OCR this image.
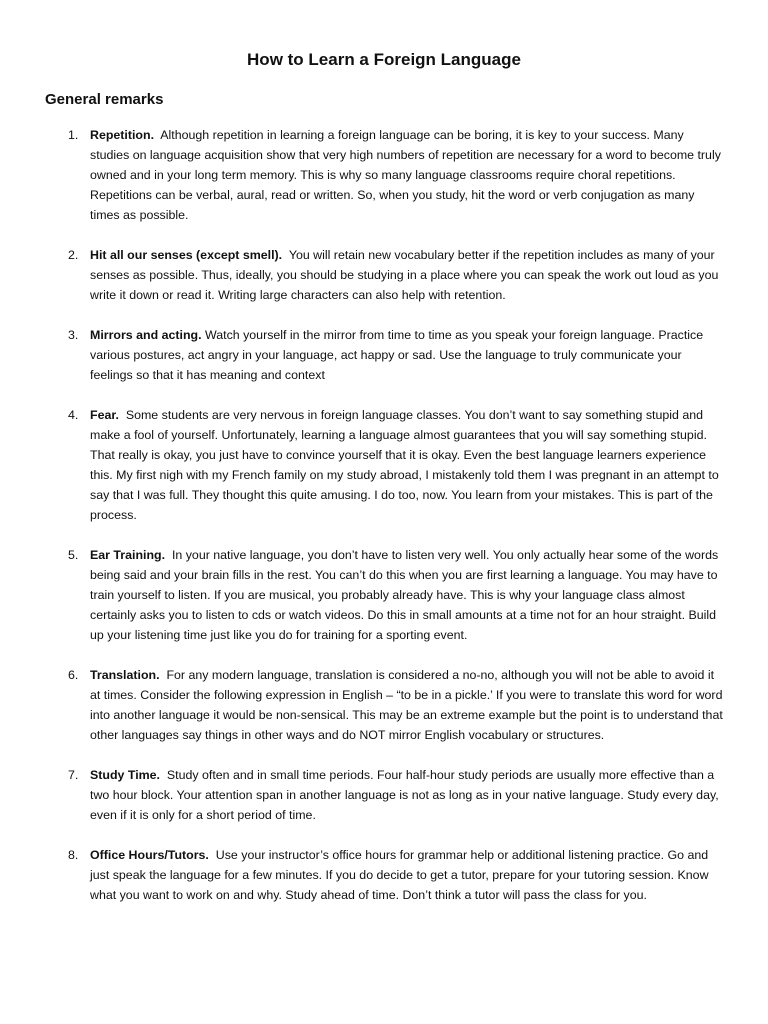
How to Learn a Foreign Language
General remarks
1. Repetition. Although repetition in learning a foreign language can be boring, it is key to your success. Many studies on language acquisition show that very high numbers of repetition are necessary for a word to become truly owned and in your long term memory. This is why so many language classrooms require choral repetitions. Repetitions can be verbal, aural, read or written. So, when you study, hit the word or verb conjugation as many times as possible.
2. Hit all our senses (except smell). You will retain new vocabulary better if the repetition includes as many of your senses as possible. Thus, ideally, you should be studying in a place where you can speak the work out loud as you write it down or read it. Writing large characters can also help with retention.
3. Mirrors and acting. Watch yourself in the mirror from time to time as you speak your foreign language. Practice various postures, act angry in your language, act happy or sad. Use the language to truly communicate your feelings so that it has meaning and context
4. Fear. Some students are very nervous in foreign language classes. You don’t want to say something stupid and make a fool of yourself. Unfortunately, learning a language almost guarantees that you will say something stupid. That really is okay, you just have to convince yourself that it is okay. Even the best language learners experience this. My first nigh with my French family on my study abroad, I mistakenly told them I was pregnant in an attempt to say that I was full. They thought this quite amusing. I do too, now. You learn from your mistakes. This is part of the process.
5. Ear Training. In your native language, you don’t have to listen very well. You only actually hear some of the words being said and your brain fills in the rest. You can’t do this when you are first learning a language. You may have to train yourself to listen. If you are musical, you probably already have. This is why your language class almost certainly asks you to listen to cds or watch videos. Do this in small amounts at a time not for an hour straight. Build up your listening time just like you do for training for a sporting event.
6. Translation. For any modern language, translation is considered a no-no, although you will not be able to avoid it at times. Consider the following expression in English – “to be in a pickle.’ If you were to translate this word for word into another language it would be non-sensical. This may be an extreme example but the point is to understand that other languages say things in other ways and do NOT mirror English vocabulary or structures.
7. Study Time. Study often and in small time periods. Four half-hour study periods are usually more effective than a two hour block. Your attention span in another language is not as long as in your native language. Study every day, even if it is only for a short period of time.
8. Office Hours/Tutors. Use your instructor’s office hours for grammar help or additional listening practice. Go and just speak the language for a few minutes. If you do decide to get a tutor, prepare for your tutoring session. Know what you want to work on and why. Study ahead of time. Don’t think a tutor will pass the class for you.
